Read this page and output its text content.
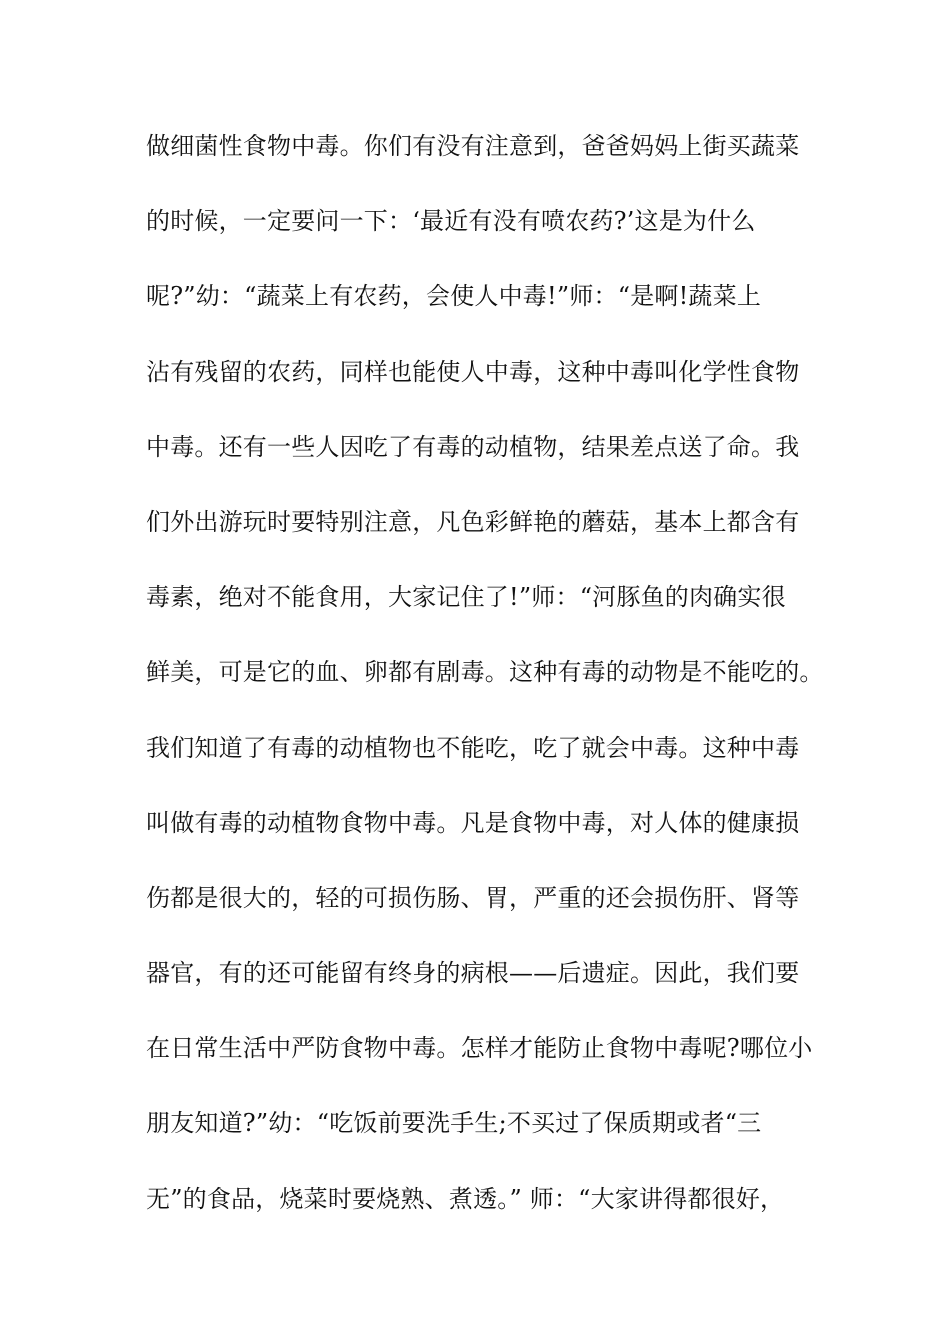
做细菌性食物中毒。你们有没有注意到，爸爸妈妈上街买蔬菜
的时候，一定要问一下：‘最近有没有喷农药?’这是为什么
呢?”幼：“蔬菜上有农药，会使人中毒!”师：“是啊!蔬菜上
沾有残留的农药，同样也能使人中毒，这种中毒叫化学性食物
中毒。还有一些人因吃了有毒的动植物，结果差点送了命。我
们外出游玩时要特别注意，凡色彩鲜艳的蘑菇，基本上都含有
毒素，绝对不能食用，大家记住了!”师：“河豚鱼的肉确实很
鲜美，可是它的血、卵都有剧毒。这种有毒的动物是不能吃的。
我们知道了有毒的动植物也不能吃，吃了就会中毒。这种中毒
叫做有毒的动植物食物中毒。凡是食物中毒，对人体的健康损
伤都是很大的，轻的可损伤肠、胃，严重的还会损伤肝、肾等
器官，有的还可能留有终身的病根——后遗症。因此，我们要
在日常生活中严防食物中毒。怎样才能防止食物中毒呢?哪位小
朋友知道?”幼：“吃饭前要洗手生;不买过了保质期或者“三
无”的食品，烧菜时要烧熟、煮透。” 师：“大家讲得都很好，
